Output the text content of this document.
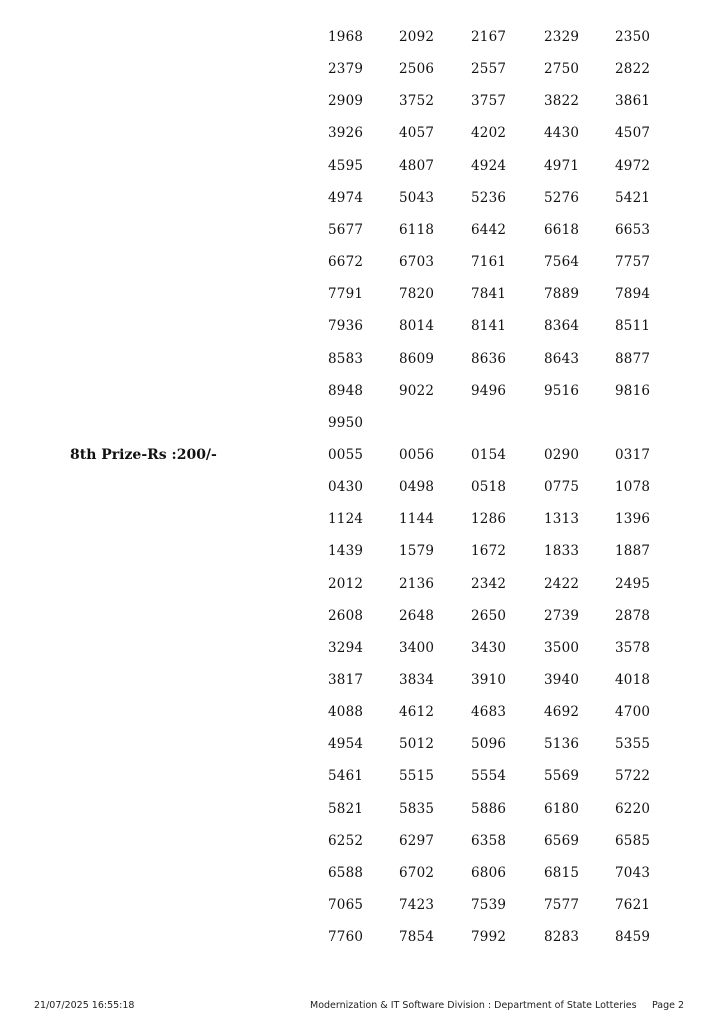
1968	2092	2167	2329	2350
2379	2506	2557	2750	2822
2909	3752	3757	3822	3861
3926	4057	4202	4430	4507
4595	4807	4924	4971	4972
4974	5043	5236	5276	5421
5677	6118	6442	6618	6653
6672	6703	7161	7564	7757
7791	7820	7841	7889	7894
7936	8014	8141	8364	8511
8583	8609	8636	8643	8877
8948	9022	9496	9516	9816
9950
0055	0056	0154	0290	0317
8th Prize-Rs :200/-
0430	0498	0518	0775	1078
1124	1144	1286	1313	1396
1439	1579	1672	1833	1887
2012	2136	2342	2422	2495
2608	2648	2650	2739	2878
3294	3400	3430	3500	3578
3817	3834	3910	3940	4018
4088	4612	4683	4692	4700
4954	5012	5096	5136	5355
5461	5515	5554	5569	5722
5821	5835	5886	6180	6220
6252	6297	6358	6569	6585
6588	6702	6806	6815	7043
7065	7423	7539	7577	7621
7760	7854	7992	8283	8459
21/07/2025 16:55:18	Modernization & IT Software Division : Department of State Lotteries Page 2
